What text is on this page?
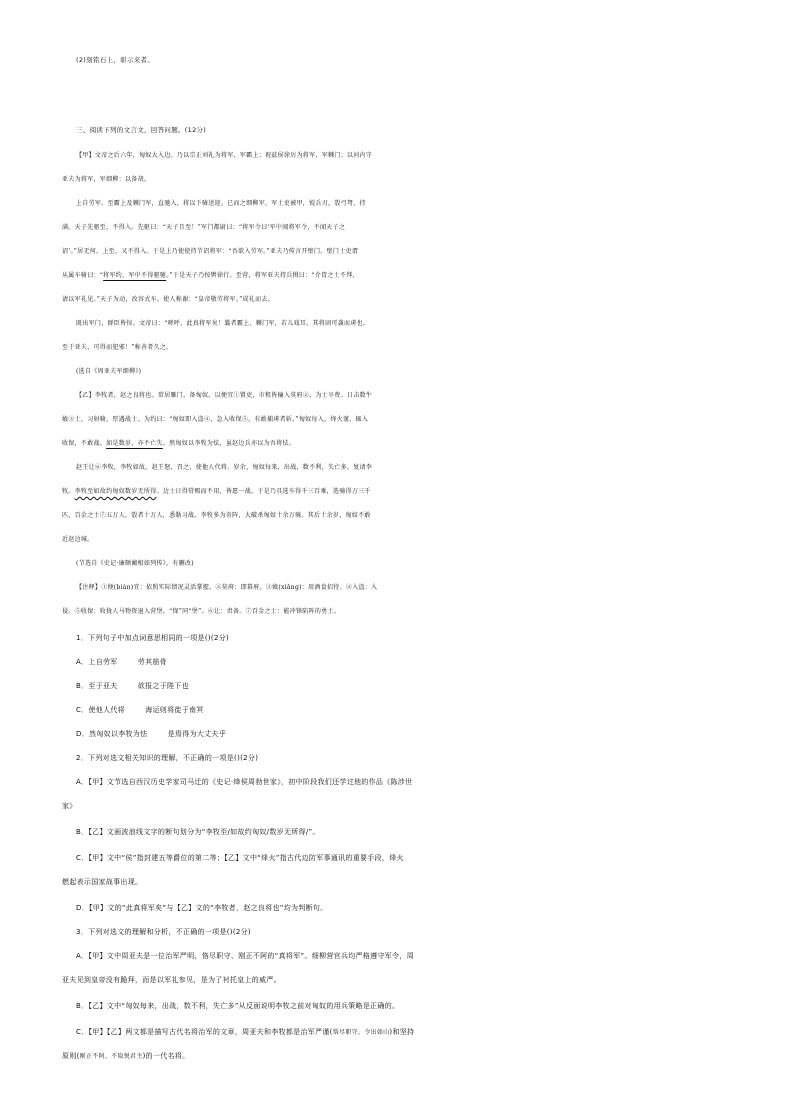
(2)刻铭石上，彰示来者。
三、阅读下列的文言文，回答问题。(12分)
【甲】文帝之后六年，匈奴大入边。乃以宗正刘礼为将军，军霸上；祝兹侯徐厉为将军，军棘门；以河内守
亚夫为将军，军细柳：以备胡。
上自劳军。至霸上及棘门军，直驰入，将以下骑送迎。已而之细柳军，军士吏被甲，锐兵刃，彀弓弩，持
满。天子先驱至，不得入。先驱曰：“天子且至！”军门都尉曰：“将军令曰‘军中闻将军令，不闻天子之
诏’。”居无何，上至，又不得入。于是上乃使使持节诏将军：“吾欲入劳军。”亚夫乃传言开壁门。壁门士吏谓
从属车骑曰：“将军约，军中不得驱驰。”于是天子乃按辔徐行。至营，将军亚夫持兵揖曰：“介胄之士不拜，
请以军礼见。”天子为动，改容式车。使人称谢：“皇帝敬劳将军。”成礼而去。
既出军门，群臣皆惊。文帝曰：“嗟呼，此真将军矣！曩者霸上、棘门军，若儿戏耳，其将固可袭而虏也。
至于亚夫，可得而犯邪！”称善者久之。
(选自《周亚夫军细柳》)
【乙】李牧者，赵之良将也。常居雁门，备匈奴。以便宜①置吏，市租皆输入莫府②，为士卒费。日击数牛
飨③士，习射骑，厚遇战士。为约曰：“匈奴即入盗④，急入收保⑤，有敢捕虏者斩。”匈奴每入，烽火谨，辄入
收保，不敢战。如是数岁，亦不亡失。然匈奴以李牧为怯，虽赵边兵亦以为吾将怯。
赵王让⑥李牧，李牧如故。赵王怒，召之，使他人代将。岁余，匈奴每来，出战，数不利，失亡多。复请李
牧。李牧至如故约匈奴数岁无所得。边士日得赏赐而不用，皆愿一战。于是乃具选车得千三百乘，选骑得万三千
匹，百金之士⑦五万人，彀者十万人，悉勒习战。李牧多为奇阵，大破杀匈奴十余万骑。其后十余岁，匈奴不敢
近赵边城。
(节选自《史记·廉颇蔺相如列传》，有删改)
【注释】①便(biàn)宜：依照实际情况灵活掌握。②莫府：即幕府。③飨(xiǎng)：用酒食招待。④入盗：入
侵。⑤收保：收拢人马物资退入营堡。“保”同“堡”。⑥让：责备。⑦百金之士：能冲锋陷阵的勇士。
1．下列句子中加点词意思相同的一项是()(2分)
A．上自劳军        劳其筋骨
B．至于亚夫        欲报之于陛下也
C．使他人代将        海运则将徙于南冥
D．然匈奴以李牧为怯        是焉得为大丈夫乎
2．下列对选文相关知识的理解，不正确的一项是()(2分)
A．【甲】文节选自西汉历史学家司马迁的《史记·绛侯周勃世家》，初中阶段我们还学过他的作品《陈涉世
家》
B．【乙】文画波浪线文字的断句划分为“李牧至/如故约匈奴/数岁无所得/”。
C．【甲】文中“侯”指封建五等爵位的第二等；【乙】文中“烽火”指古代边防军事通讯的重要手段，烽火
燃起表示国家战事出现。
D．【甲】文的“此真将军矣”与【乙】文的“李牧者，赵之良将也”均为判断句。
3．下列对选文的理解和分析，不正确的一项是()(2分)
A．【甲】文中周亚夫是一位治军严明、恪尽职守、刚正不阿的“真将军”。细柳营官兵均严格遵守军令，周
亚夫见到皇帝没有跪拜，而是以军礼参见，是为了衬托皇上的威严。
B．【乙】文中“匈奴每来，出战，数不利，失亡多”从反面说明李牧之前对匈奴的用兵策略是正确的。
C．【甲】【乙】两文都是描写古代名将治军的文章，周亚夫和李牧都是治军严谨(恪尽职守、令出如山)和坚持
原则(刚正不阿、不取悦君主)的一代名将。
